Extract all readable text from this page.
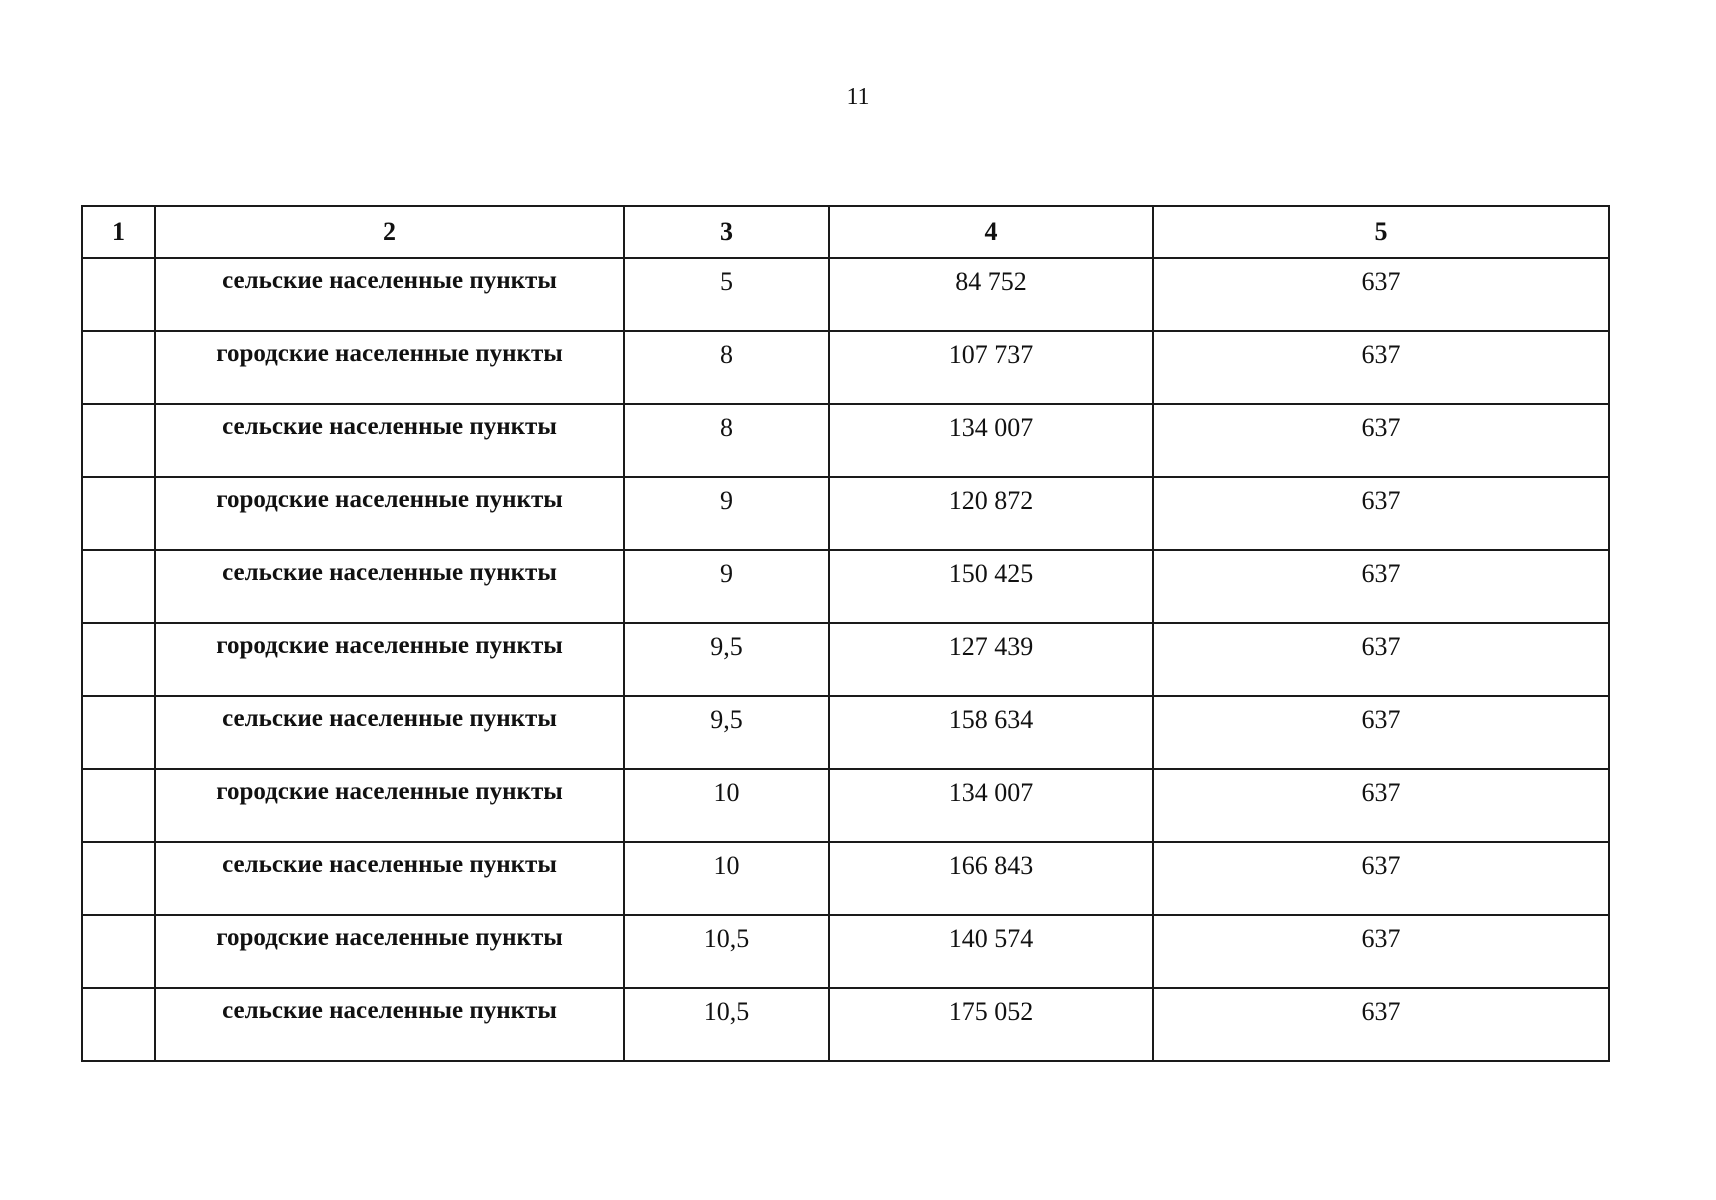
11
1	2	3	4	5
	сельские населенные пункты	5	84 752	637
	городские населенные пункты	8	107 737	637
	сельские населенные пункты	8	134 007	637
	городские населенные пункты	9	120 872	637
	сельские населенные пункты	9	150 425	637
	городские населенные пункты	9,5	127 439	637
	сельские населенные пункты	9,5	158 634	637
	городские населенные пункты	10	134 007	637
	сельские населенные пункты	10	166 843	637
	городские населенные пункты	10,5	140 574	637
	сельские населенные пункты	10,5	175 052	637
